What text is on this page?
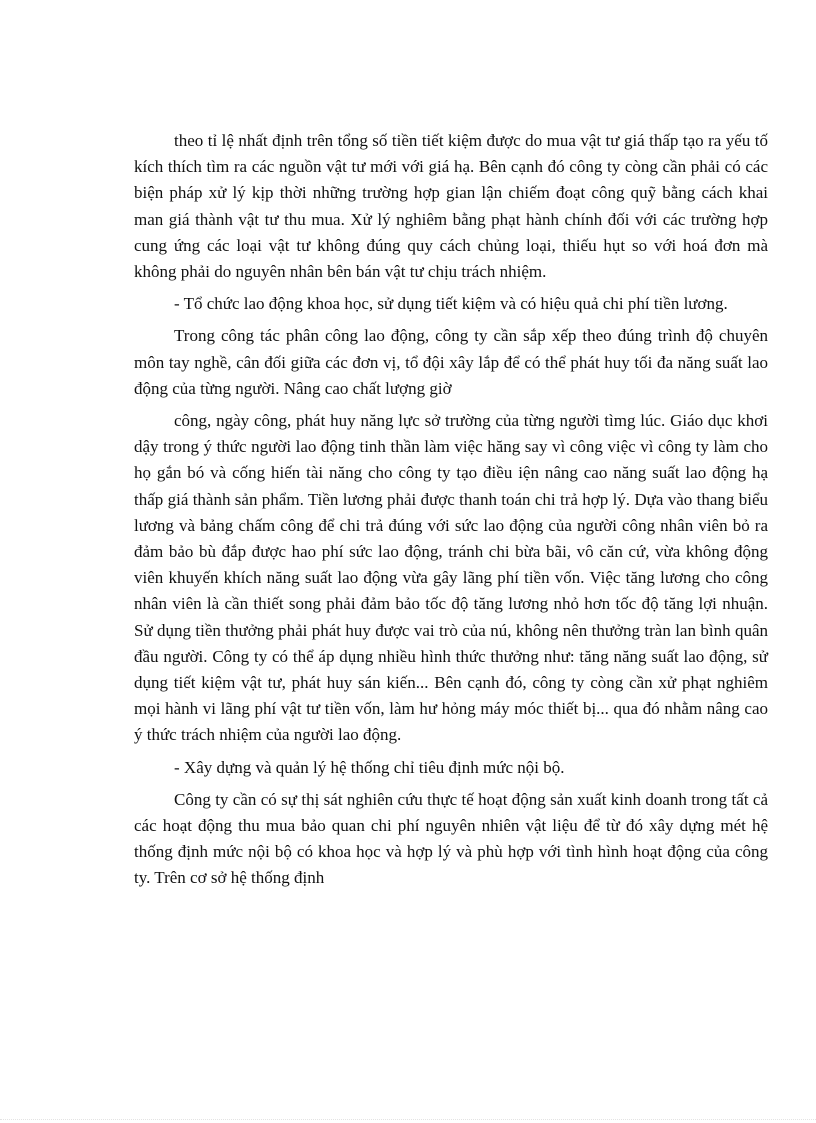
theo tỉ lệ nhất định trên tổng số tiền tiết kiệm được do mua vật tư giá thấp tạo ra yếu tố kích thích tìm ra các nguồn vật tư mới với giá hạ. Bên cạnh đó công ty còng cần phải có các biện pháp xử lý kịp thời những trường hợp gian lận chiếm đoạt công quỹ bằng cách khai man giá thành vật tư thu mua. Xử lý nghiêm bằng phạt hành chính đối với các trường hợp cung ứng các loại vật tư không đúng quy cách chủng loại, thiếu hụt so với hoá đơn mà không phải do nguyên nhân bên bán vật tư chịu trách nhiệm.

- Tổ chức lao động khoa học, sử dụng tiết kiệm và có hiệu quả chi phí tiền lương.

Trong công tác phân công lao động, công ty cần sắp xếp theo đúng trình độ chuyên môn tay nghề, cân đối giữa các đơn vị, tổ đội xây lắp để có thể phát huy tối đa năng suất lao động của từng người. Nâng cao chất lượng giờ

công, ngày công, phát huy năng lực sở trường của từng người tìmg lúc. Giáo dục khơi dậy trong ý thức người lao động tinh thần làm việc hăng say vì công việc vì công ty làm cho họ gắn bó và cống hiến tài năng cho công ty tạo điều iện nâng cao năng suất lao động hạ thấp giá thành sản phẩm. Tiền lương phải được thanh toán chi trả hợp lý. Dựa vào thang biểu lương và bảng chấm công để chi trả đúng với sức lao động của người công nhân viên bỏ ra đảm bảo bù đắp được hao phí sức lao động, tránh chi bừa bãi, vô căn cứ, vừa không động viên khuyến khích năng suất lao động vừa gây lãng phí tiền vốn. Việc tăng lương cho công nhân viên là cần thiết song phải đảm bảo tốc độ tăng lương nhỏ hơn tốc độ tăng lợi nhuận. Sử dụng tiền thưởng phải phát huy được vai trò của nú, không nên thưởng tràn lan bình quân đầu người. Công ty có thể áp dụng nhiều hình thức thưởng như: tăng năng suất lao động, sử dụng tiết kiệm vật tư, phát huy sán kiến... Bên cạnh đó, công ty còng cần xử phạt nghiêm mọi hành vi lãng phí vật tư tiền vốn, làm hư hỏng máy móc thiết bị... qua đó nhằm nâng cao ý thức trách nhiệm của người lao động.

- Xây dựng và quản lý hệ thống chỉ tiêu định mức nội bộ.

Công ty cần có sự thị sát nghiên cứu thực tế hoạt động sản xuất kinh doanh trong tất cả các hoạt động thu mua bảo quan chi phí nguyên nhiên vật liệu để từ đó xây dựng mét hệ thống định mức nội bộ có khoa học và hợp lý và phù hợp với tình hình hoạt động của công ty. Trên cơ sở hệ thống định
